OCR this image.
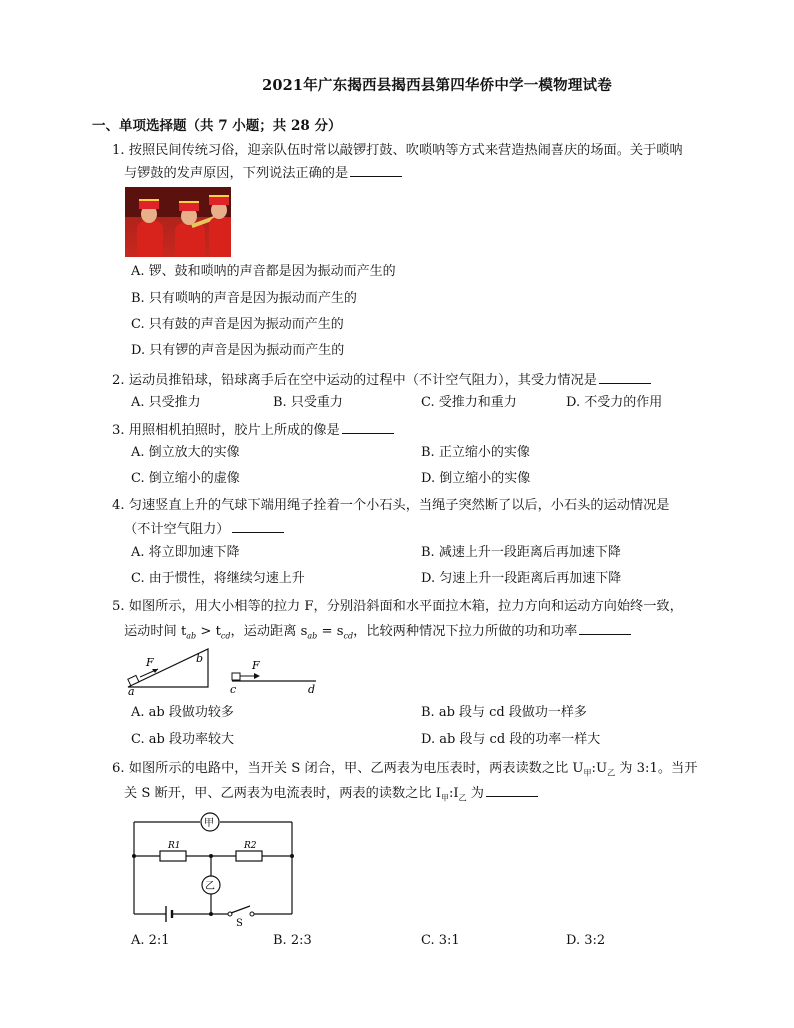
2021年广东揭西县揭西县第四华侨中学一模物理试卷
一、单项选择题（共 7 小题；共 28 分）
1. 按照民间传统习俗，迎亲队伍时常以敲锣打鼓、吹唢呐等方式来营造热闹喜庆的场面。关于唢呐
与锣鼓的发声原因，下列说法正确的是
A. 锣、鼓和唢呐的声音都是因为振动而产生的
B. 只有唢呐的声音是因为振动而产生的
C. 只有鼓的声音是因为振动而产生的
D. 只有锣的声音是因为振动而产生的
2. 运动员推铅球，铅球离手后在空中运动的过程中（不计空气阻力），其受力情况是
A. 只受推力	B. 只受重力	C. 受推力和重力	D. 不受力的作用
3. 用照相机拍照时，胶片上所成的像是
A. 倒立放大的实像	B. 正立缩小的实像
C. 倒立缩小的虚像	D. 倒立缩小的实像
4. 匀速竖直上升的气球下端用绳子拴着一个小石头，当绳子突然断了以后，小石头的运动情况是
（不计空气阻力）
A. 将立即加速下降	B. 减速上升一段距离后再加速下降
C. 由于惯性，将继续匀速上升	D. 匀速上升一段距离后再加速下降
5. 如图所示，用大小相等的拉力 F，分别沿斜面和水平面拉木箱，拉力方向和运动方向始终一致，
运动时间 $t_{ab} > t_{cd}$，运动距离 $s_{ab} = s_{cd}$，比较两种情况下拉力所做的功和功率
F	b
a
F
c	d
A. ab 段做功较多	B. ab 段与 cd 段做功一样多
C. ab 段功率较大	D. ab 段与 cd 段的功率一样大
6. 如图所示的电路中，当开关 S 闭合，甲、乙两表为电压表时，两表读数之比 $U_甲:U_乙$ 为 3:1。当开
关 S 断开，甲、乙两表为电流表时，两表的读数之比 $I_甲:I_乙$ 为
甲
R1	R2
乙
S
A. 2:1	B. 2:3	C. 3:1	D. 3:2
